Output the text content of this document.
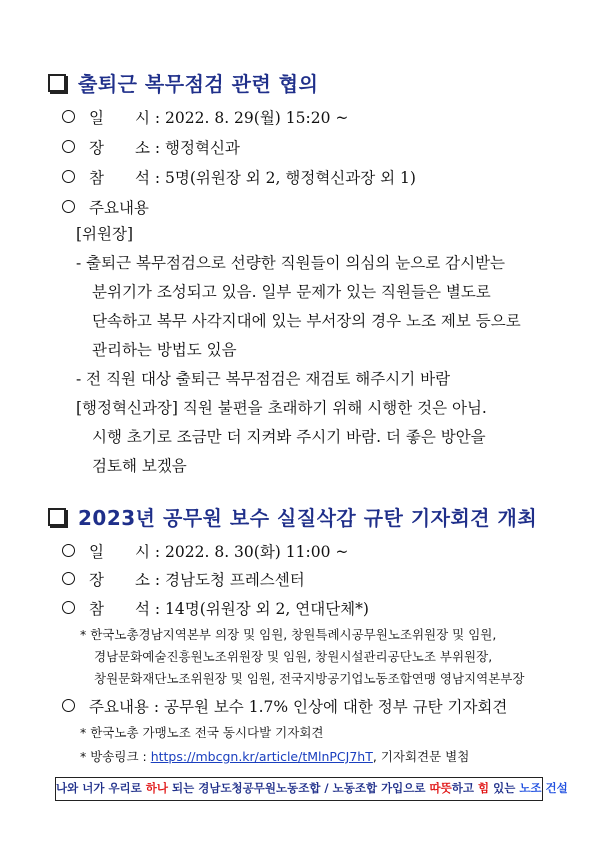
출퇴근 복무점검 관련 협의
일　　시 : 2022. 8. 29(월) 15:20 ~
장　　소 : 행정혁신과
참　　석 : 5명(위원장 외 2, 행정혁신과장 외 1)
주요내용
[위원장]
- 출퇴근 복무점검으로 선량한 직원들이 의심의 눈으로 감시받는
분위기가 조성되고 있음. 일부 문제가 있는 직원들은 별도로
단속하고 복무 사각지대에 있는 부서장의 경우 노조 제보 등으로
관리하는 방법도 있음
- 전 직원 대상 출퇴근 복무점검은 재검토 해주시기 바람
[행정혁신과장] 직원 불편을 초래하기 위해 시행한 것은 아님.
시행 초기로 조금만 더 지켜봐 주시기 바람. 더 좋은 방안을
검토해 보겠음
2023년 공무원 보수 실질삭감 규탄 기자회견 개최
일　　시 : 2022. 8. 30(화) 11:00 ~
장　　소 : 경남도청 프레스센터
참　　석 : 14명(위원장 외 2, 연대단체*)
* 한국노총경남지역본부 의장 및 임원, 창원특례시공무원노조위원장 및 임원,
경남문화예술진흥원노조위원장 및 임원, 창원시설관리공단노조 부위원장,
창원문화재단노조위원장 및 임원, 전국지방공기업노동조합연맹 영남지역본부장
주요내용 : 공무원 보수 1.7% 인상에 대한 정부 규탄 기자회견
* 한국노총 가맹노조 전국 동시다발 기자회견
* 방송링크 : https://mbcgn.kr/article/tMlnPCJ7hT, 기자회견문 별첨
나와 너가 우리로 하나 되는 경남도청공무원노동조합 / 노동조합 가입으로 따뜻하고 힘 있는 노조 건설
